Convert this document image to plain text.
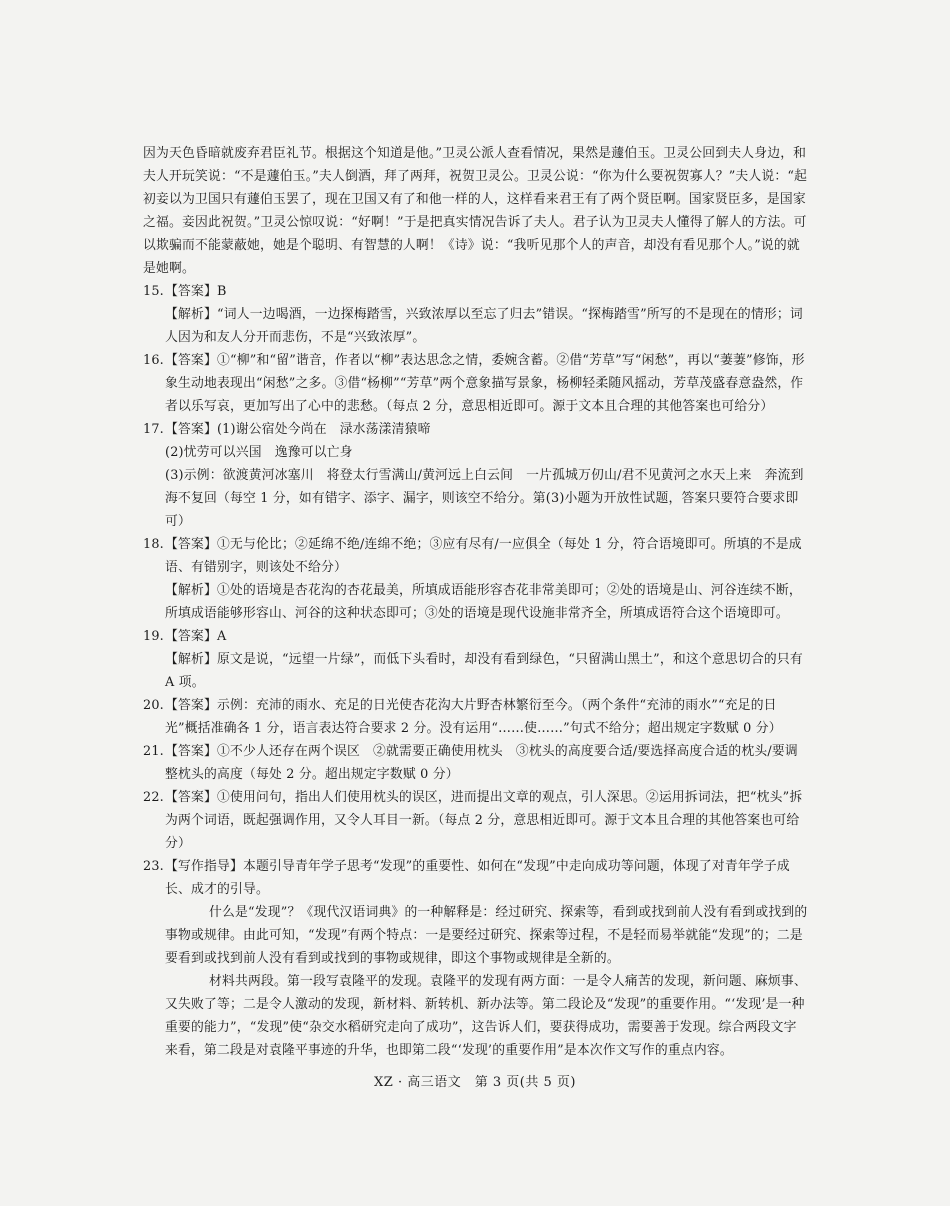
因为天色昏暗就废弃君臣礼节。根据这个知道是他。”卫灵公派人查看情况，果然是蘧伯玉。卫灵公回到夫人身边，和夫人开玩笑说：“不是蘧伯玉。”夫人倒酒，拜了两拜，祝贺卫灵公。卫灵公说：“你为什么要祝贺寡人？”夫人说：“起初妾以为卫国只有蘧伯玉罢了，现在卫国又有了和他一样的人，这样看来君王有了两个贤臣啊。国家贤臣多，是国家之福。妾因此祝贺。”卫灵公惊叹说：“好啊！”于是把真实情况告诉了夫人。君子认为卫灵夫人懂得了解人的方法。可以欺骗而不能蒙蔽她，她是个聪明、有智慧的人啊！《诗》说：“我听见那个人的声音，却没有看见那个人。”说的就是她啊。

15. 【答案】B
【解析】“词人一边喝酒，一边探梅踏雪，兴致浓厚以至忘了归去”错误。“探梅踏雪”所写的不是现在的情形；词人因为和友人分开而悲伤，不是“兴致浓厚”。
16. 【答案】①“柳”和“留”谐音，作者以“柳”表达思念之情，委婉含蓄。②借“芳草”写“闲愁”，再以“萋萋”修饰，形象生动地表现出“闲愁”之多。③借“杨柳”“芳草”两个意象描写景象，杨柳轻柔随风摇动，芳草茂盛春意盎然，作者以乐写哀，更加写出了心中的悲愁。（每点 2 分，意思相近即可。源于文本且合理的其他答案也可给分）
17. 【答案】(1)谢公宿处今尚在　渌水荡漾清猿啼
(2)忧劳可以兴国　逸豫可以亡身
(3)示例：欲渡黄河冰塞川　将登太行雪满山/黄河远上白云间　一片孤城万仞山/君不见黄河之水天上来　奔流到海不复回（每空 1 分，如有错字、添字、漏字，则该空不给分。第(3)小题为开放性试题，答案只要符合要求即可）
18. 【答案】①无与伦比；②延绵不绝/连绵不绝；③应有尽有/一应俱全（每处 1 分，符合语境即可。所填的不是成语、有错别字，则该处不给分）
【解析】①处的语境是杏花沟的杏花最美，所填成语能形容杏花非常美即可；②处的语境是山、河谷连续不断，所填成语能够形容山、河谷的这种状态即可；③处的语境是现代设施非常齐全，所填成语符合这个语境即可。
19. 【答案】A
【解析】原文是说，“远望一片绿”，而低下头看时，却没有看到绿色，“只留满山黑土”，和这个意思切合的只有 A 项。
20. 【答案】示例：充沛的雨水、充足的日光使杏花沟大片野杏林繁衍至今。（两个条件“充沛的雨水”“充足的日光”概括准确各 1 分，语言表达符合要求 2 分。没有运用“……使……”句式不给分；超出规定字数赋 0 分）
21. 【答案】①不少人还存在两个误区　②就需要正确使用枕头　③枕头的高度要合适/要选择高度合适的枕头/要调整枕头的高度（每处 2 分。超出规定字数赋 0 分）
22. 【答案】①使用问句，指出人们使用枕头的误区，进而提出文章的观点，引人深思。②运用拆词法，把“枕头”拆为两个词语，既起强调作用，又令人耳目一新。（每点 2 分，意思相近即可。源于文本且合理的其他答案也可给分）
23. 【写作指导】本题引导青年学子思考“发现”的重要性、如何在“发现”中走向成功等问题，体现了对青年学子成长、成才的引导。
什么是“发现”？《现代汉语词典》的一种解释是：经过研究、探索等，看到或找到前人没有看到或找到的事物或规律。由此可知，“发现”有两个特点：一是要经过研究、探索等过程，不是轻而易举就能“发现”的；二是要看到或找到前人没有看到或找到的事物或规律，即这个事物或规律是全新的。
材料共两段。第一段写袁隆平的发现。袁隆平的发现有两方面：一是令人痛苦的发现，新问题、麻烦事、又失败了等；二是令人激动的发现，新材料、新转机、新办法等。第二段论及“发现”的重要作用。“‘发现’是一种重要的能力”，“发现”使“杂交水稻研究走向了成功”，这告诉人们，要获得成功，需要善于发现。综合两段文字来看，第二段是对袁隆平事迹的升华，也即第二段“‘发现’的重要作用”是本次作文写作的重点内容。
XZ · 高三语文　第 3 页(共 5 页)
